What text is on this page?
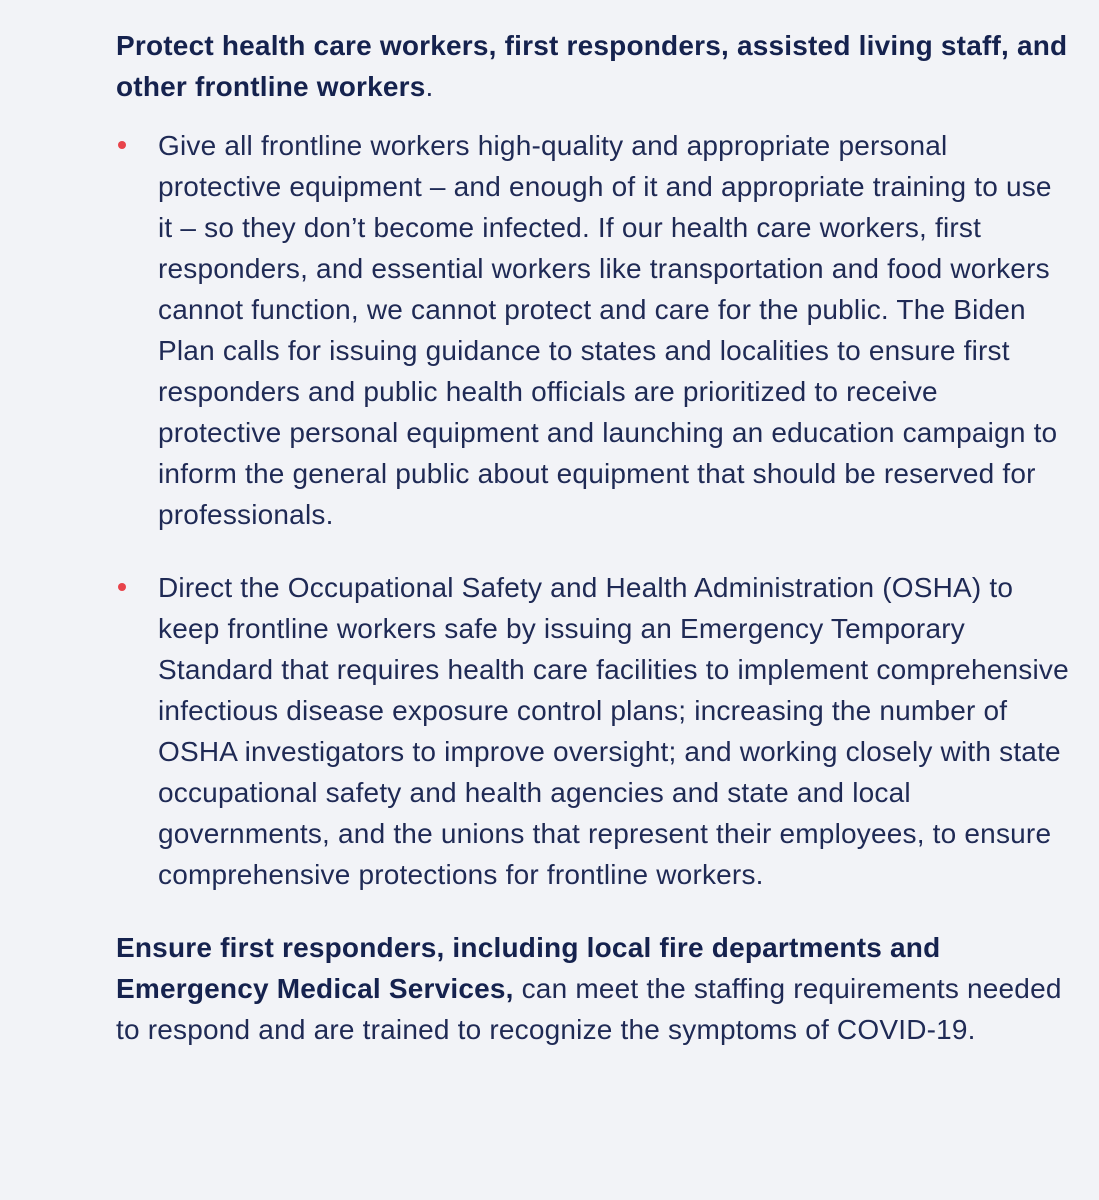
Protect health care workers, first responders, assisted living staff, and other frontline workers.

Give all frontline workers high-quality and appropriate personal protective equipment – and enough of it and appropriate training to use it – so they don’t become infected. If our health care workers, first responders, and essential workers like transportation and food workers cannot function, we cannot protect and care for the public. The Biden Plan calls for issuing guidance to states and localities to ensure first responders and public health officials are prioritized to receive protective personal equipment and launching an education campaign to inform the general public about equipment that should be reserved for professionals.
Direct the Occupational Safety and Health Administration (OSHA) to keep frontline workers safe by issuing an Emergency Temporary Standard that requires health care facilities to implement comprehensive infectious disease exposure control plans; increasing the number of OSHA investigators to improve oversight; and working closely with state occupational safety and health agencies and state and local governments, and the unions that represent their employees, to ensure comprehensive protections for frontline workers.

Ensure first responders, including local fire departments and Emergency Medical Services, can meet the staffing requirements needed to respond and are trained to recognize the symptoms of COVID-19.
